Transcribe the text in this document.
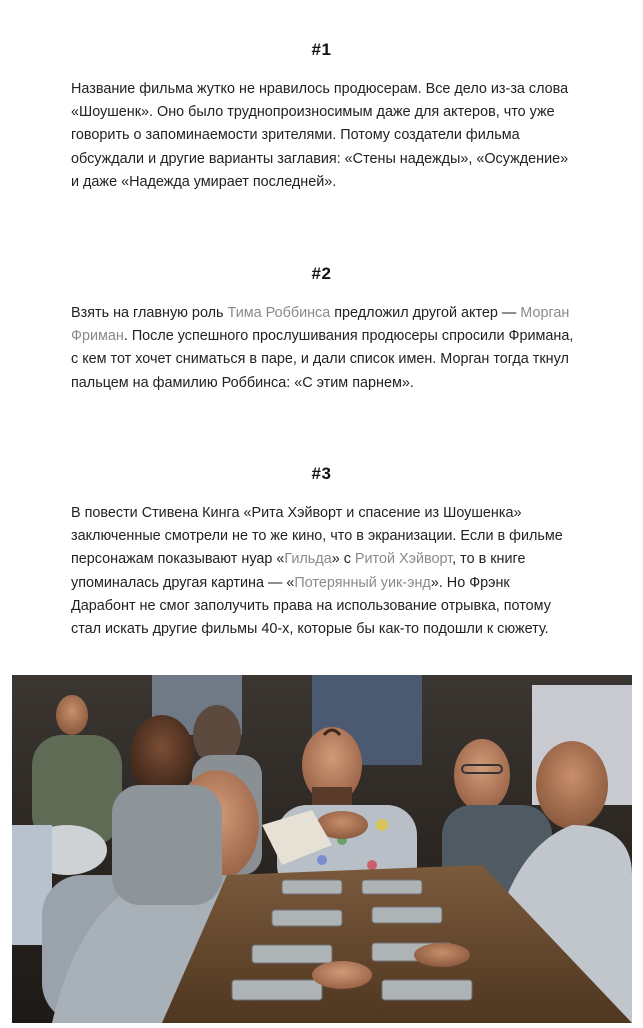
#1
Название фильма жутко не нравилось продюсерам. Все дело из-за слова «Шоушенк». Оно было труднопроизносимым даже для актеров, что уже говорить о запоминаемости зрителями. Потому создатели фильма обсуждали и другие варианты заглавия: «Стены надежды», «Осуждение» и даже «Надежда умирает последней».
#2
Взять на главную роль Тима Роббинса предложил другой актер — Морган Фриман. После успешного прослушивания продюсеры спросили Фримана, с кем тот хочет сниматься в паре, и дали список имен. Морган тогда ткнул пальцем на фамилию Роббинса: «С этим парнем».
#3
В повести Стивена Кинга «Рита Хэйворт и спасение из Шоушенка» заключенные смотрели не то же кино, что в экранизации. Если в фильме персонажам показывают нуар «Гильда» с Ритой Хэйворт, то в книге упоминалась другая картина — «Потерянный уик-энд». Но Фрэнк Дарабонт не смог заполучить права на использование отрывка, потому стал искать другие фильмы 40-х, которые бы как-то подошли к сюжету.
